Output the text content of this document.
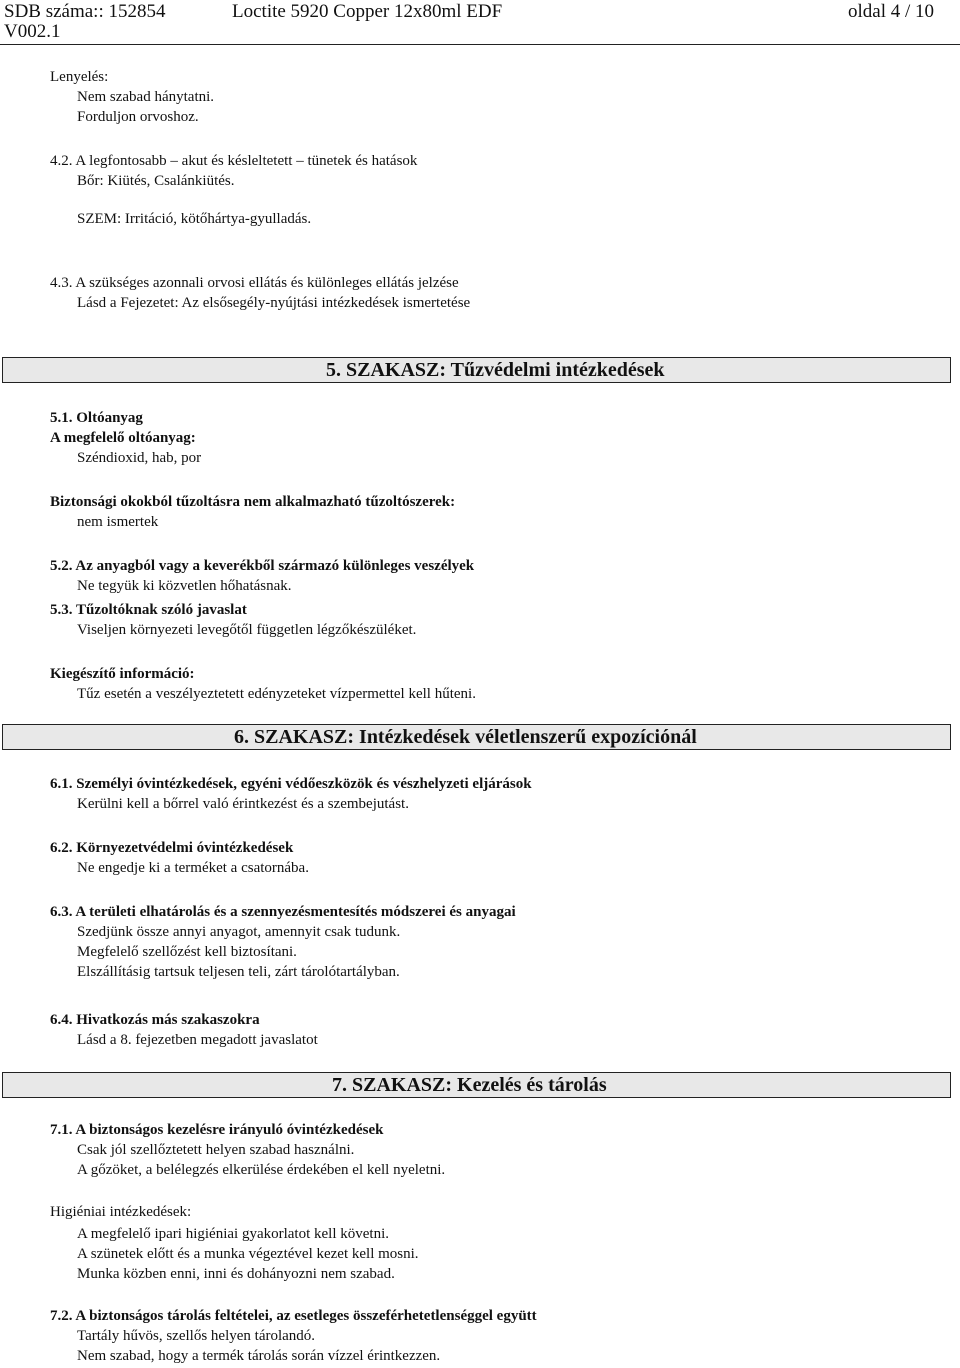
SDB száma:: 152854	Loctite 5920 Copper 12x80ml EDF	oldal 4 / 10
V002.1
Lenyelés:
Nem szabad hánytatni.
Forduljon orvoshoz.
4.2. A legfontosabb – akut és késleltetett – tünetek és hatások
Bőr: Kiütés, Csalánkiütés.
SZEM: Irritáció, kötőhártya-gyulladás.
4.3. A szükséges azonnali orvosi ellátás és különleges ellátás jelzése
Lásd a Fejezetet: Az elsősegély-nyújtási intézkedések ismertetése
5. SZAKASZ: Tűzvédelmi intézkedések
5.1. Oltóanyag
A megfelelő oltóanyag:
Széndioxid, hab, por
Biztonsági okokból tűzoltásra nem alkalmazható tűzoltószerek:
nem ismertek
5.2. Az anyagból vagy a keverékből származó különleges veszélyek
Ne tegyük ki közvetlen hőhatásnak.
5.3. Tűzoltóknak szóló javaslat
Viseljen környezeti levegőtől független légzőkészüléket.
Kiegészítő információ:
Tűz esetén a veszélyeztetett edényzeteket vízpermettel kell hűteni.
6. SZAKASZ: Intézkedések véletlenszerű expozíciónál
6.1. Személyi óvintézkedések, egyéni védőeszközök és vészhelyzeti eljárások
Kerülni kell a bőrrel való érintkezést és a szembejutást.
6.2. Környezetvédelmi óvintézkedések
Ne engedje ki a terméket a csatornába.
6.3. A területi elhatárolás és a szennyezésmentesítés módszerei és anyagai
Szedjünk össze annyi anyagot, amennyit csak tudunk.
Megfelelő szellőzést kell biztosítani.
Elszállításig tartsuk teljesen teli, zárt tárolótartályban.
6.4. Hivatkozás más szakaszokra
Lásd a 8. fejezetben megadott javaslatot
7. SZAKASZ: Kezelés és tárolás
7.1. A biztonságos kezelésre irányuló óvintézkedések
Csak jól szellőztetett helyen szabad használni.
A gőzöket, a belélegzés elkerülése érdekében el kell nyeletni.
Higiéniai intézkedések:
A megfelelő ipari higiéniai gyakorlatot kell követni.
A szünetek előtt és a munka végeztével kezet kell mosni.
Munka közben enni, inni és dohányozni nem szabad.
7.2. A biztonságos tárolás feltételei, az esetleges összeférhetetlenséggel együtt
Tartály hűvös, szellős helyen tárolandó.
Nem szabad, hogy a termék tárolás során vízzel érintkezzen.
